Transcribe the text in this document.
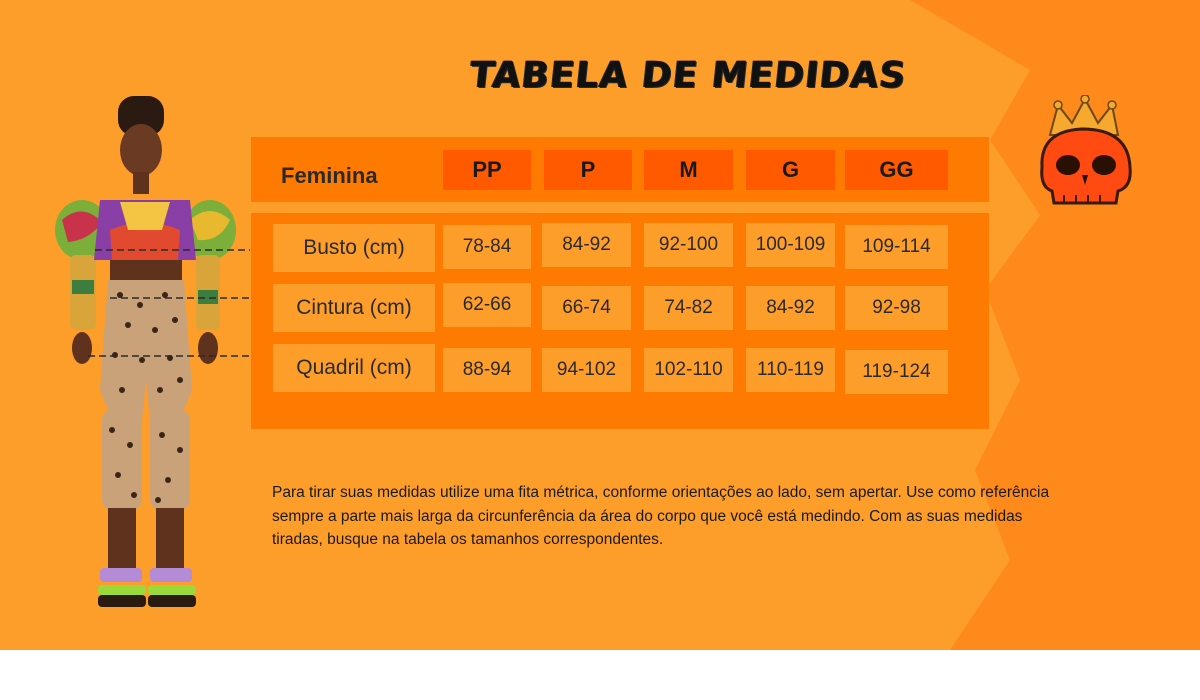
TABELA DE MEDIDAS
Feminina	PP	P	M	G	GG
Busto (cm)	78-84	84-92	92-100	100-109	109-114
Cintura (cm)	62-66	66-74	74-82	84-92	92-98
Quadril (cm)	88-94	94-102	102-110	110-119	119-124
Para tirar suas medidas utilize uma fita métrica, conforme orientações ao lado, sem apertar. Use como referência sempre a parte mais larga da circunferência da área do corpo que você está medindo. Com as suas medidas tiradas, busque na tabela os tamanhos correspondentes.
